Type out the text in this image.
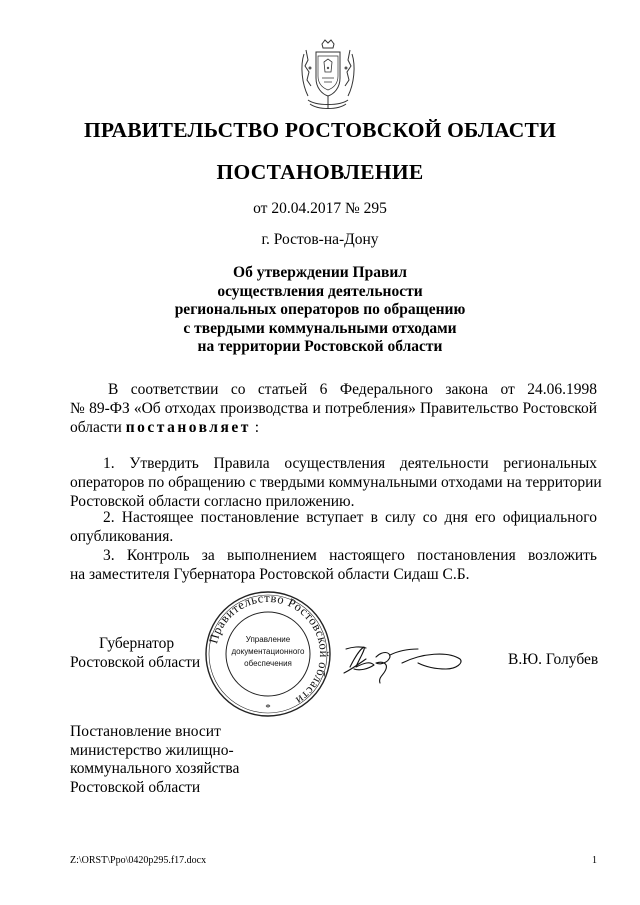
ПРАВИТЕЛЬСТВО РОСТОВСКОЙ ОБЛАСТИ
ПОСТАНОВЛЕНИЕ
от 20.04.2017 № 295
г. Ростов-на-Дону
Об утверждении Правил
осуществления деятельности
региональных операторов по обращению
с твердыми коммунальными отходами
на территории Ростовской области
В соответствии со статьей 6 Федерального закона от 24.06.1998
№ 89-ФЗ «Об отходах производства и потребления» Правительство Ростовской
области постановляет :
1. Утвердить Правила осуществления деятельности региональных
операторов по обращению с твердыми коммунальными отходами на территории
Ростовской области согласно приложению.
2. Настоящее постановление вступает в силу со дня его официального
опубликования.
3. Контроль за выполнением настоящего постановления возложить
на заместителя Губернатора Ростовской области Сидаш С.Б.
Губернатор
Ростовской области
Правительство Ростовской области
Управление
документационного
обеспечения
*
В.Ю. Голубев
Постановление вносит
министерство жилищно-
коммунального хозяйства
Ростовской области
Z:\ORST\Ppo\0420p295.f17.docx	1
